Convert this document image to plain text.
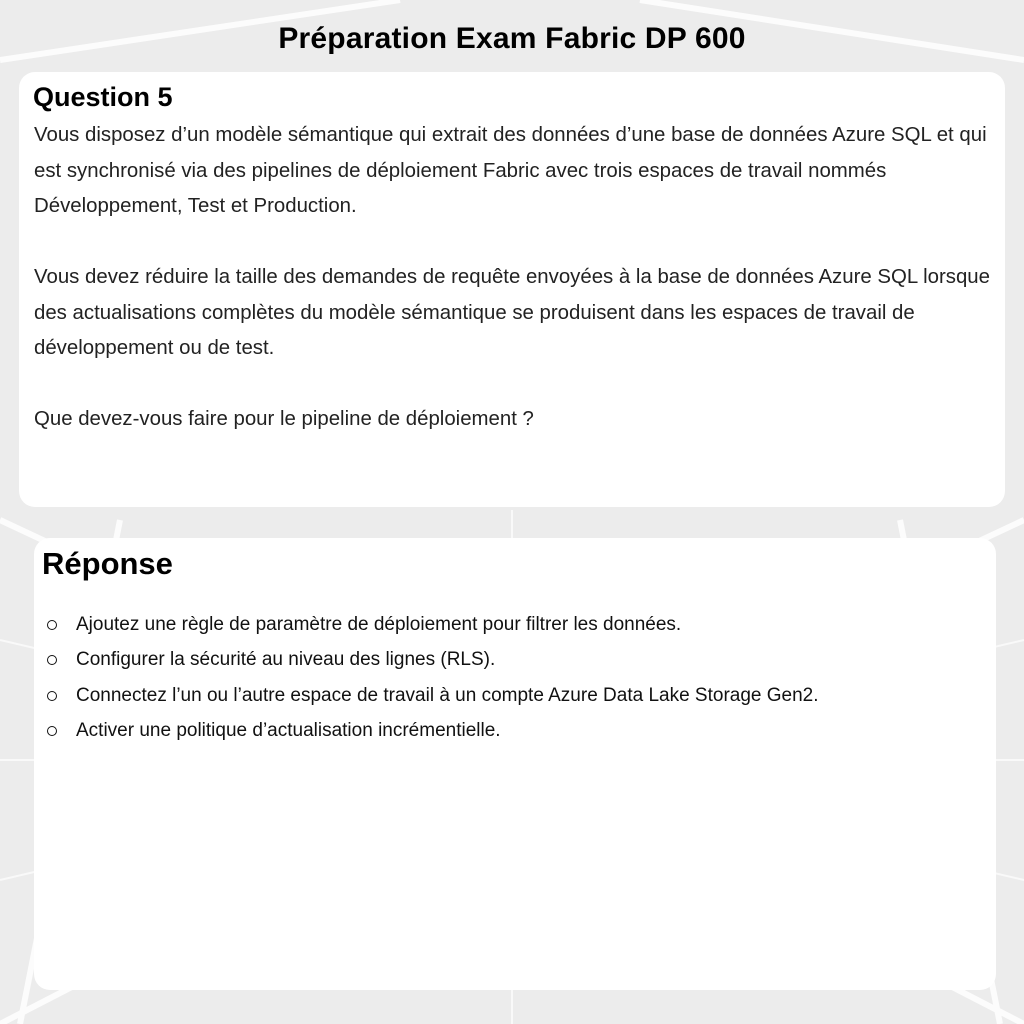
Préparation Exam Fabric DP 600
Question 5

Vous disposez d’un modèle sémantique qui extrait des données d’une base de données Azure SQL et qui est synchronisé via des pipelines de déploiement Fabric avec trois espaces de travail nommés Développement, Test et Production.

Vous devez réduire la taille des demandes de requête envoyées à la base de données Azure SQL lorsque des actualisations complètes du modèle sémantique se produisent dans les espaces de travail de développement ou de test.

Que devez-vous faire pour le pipeline de déploiement ?

Réponse
Ajoutez une règle de paramètre de déploiement pour filtrer les données.
Configurer la sécurité au niveau des lignes (RLS).
Connectez l’un ou l’autre espace de travail à un compte Azure Data Lake Storage Gen2.
Activer une politique d’actualisation incrémentielle.
